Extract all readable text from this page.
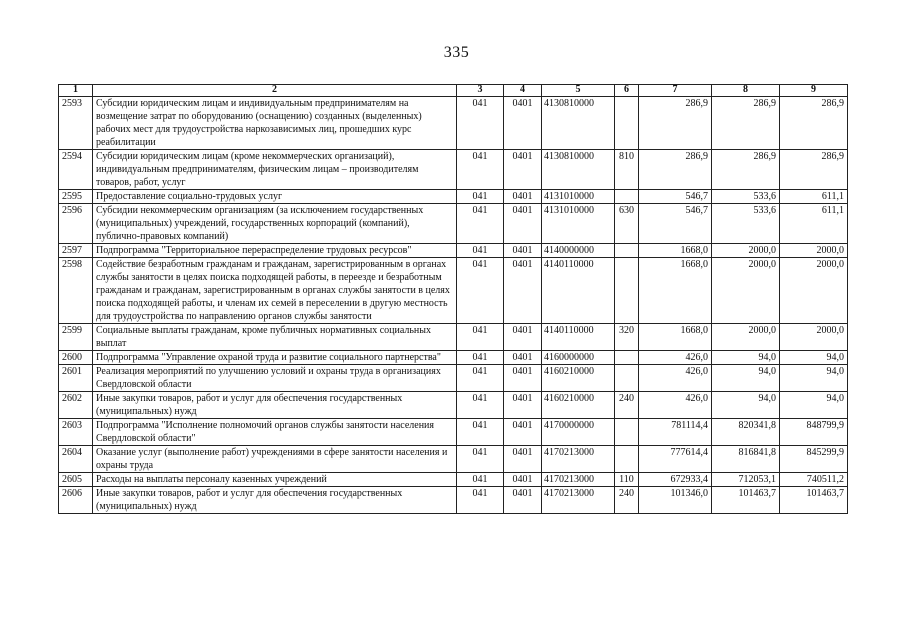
335
1	2	3	4	5	6	7	8	9
2593	Субсидии юридическим лицам и индивидуальным предпринимателям на возмещение затрат по оборудованию (оснащению) созданных (выделенных) рабочих мест для трудоустройства наркозависимых лиц, прошедших курс реабилитации	041	0401	4130810000		286,9	286,9	286,9
2594	Субсидии юридическим лицам (кроме некоммерческих организаций), индивидуальным предпринимателям, физическим лицам – производителям товаров, работ, услуг	041	0401	4130810000	810	286,9	286,9	286,9
2595	Предоставление социально-трудовых услуг	041	0401	4131010000		546,7	533,6	611,1
2596	Субсидии некоммерческим организациям (за исключением государственных (муниципальных) учреждений, государственных корпораций (компаний), публично-правовых компаний)	041	0401	4131010000	630	546,7	533,6	611,1
2597	Подпрограмма "Территориальное перераспределение трудовых ресурсов"	041	0401	4140000000		1668,0	2000,0	2000,0
2598	Содействие безработным гражданам и гражданам, зарегистрированным в органах службы занятости в целях поиска подходящей работы, в переезде и безработным гражданам и гражданам, зарегистрированным в органах службы занятости в целях поиска подходящей работы, и членам их семей в переселении в другую местность для трудоустройства по направлению органов службы занятости	041	0401	4140110000		1668,0	2000,0	2000,0
2599	Социальные выплаты гражданам, кроме публичных нормативных социальных выплат	041	0401	4140110000	320	1668,0	2000,0	2000,0
2600	Подпрограмма "Управление охраной труда и развитие социального партнерства"	041	0401	4160000000		426,0	94,0	94,0
2601	Реализация мероприятий по улучшению условий и охраны труда в организациях Свердловской области	041	0401	4160210000		426,0	94,0	94,0
2602	Иные закупки товаров, работ и услуг для обеспечения государственных (муниципальных) нужд	041	0401	4160210000	240	426,0	94,0	94,0
2603	Подпрограмма "Исполнение полномочий органов службы занятости населения Свердловской области"	041	0401	4170000000		781114,4	820341,8	848799,9
2604	Оказание услуг (выполнение работ) учреждениями в сфере занятости населения и охраны труда	041	0401	4170213000		777614,4	816841,8	845299,9
2605	Расходы на выплаты персоналу казенных учреждений	041	0401	4170213000	110	672933,4	712053,1	740511,2
2606	Иные закупки товаров, работ и услуг для обеспечения государственных (муниципальных) нужд	041	0401	4170213000	240	101346,0	101463,7	101463,7
